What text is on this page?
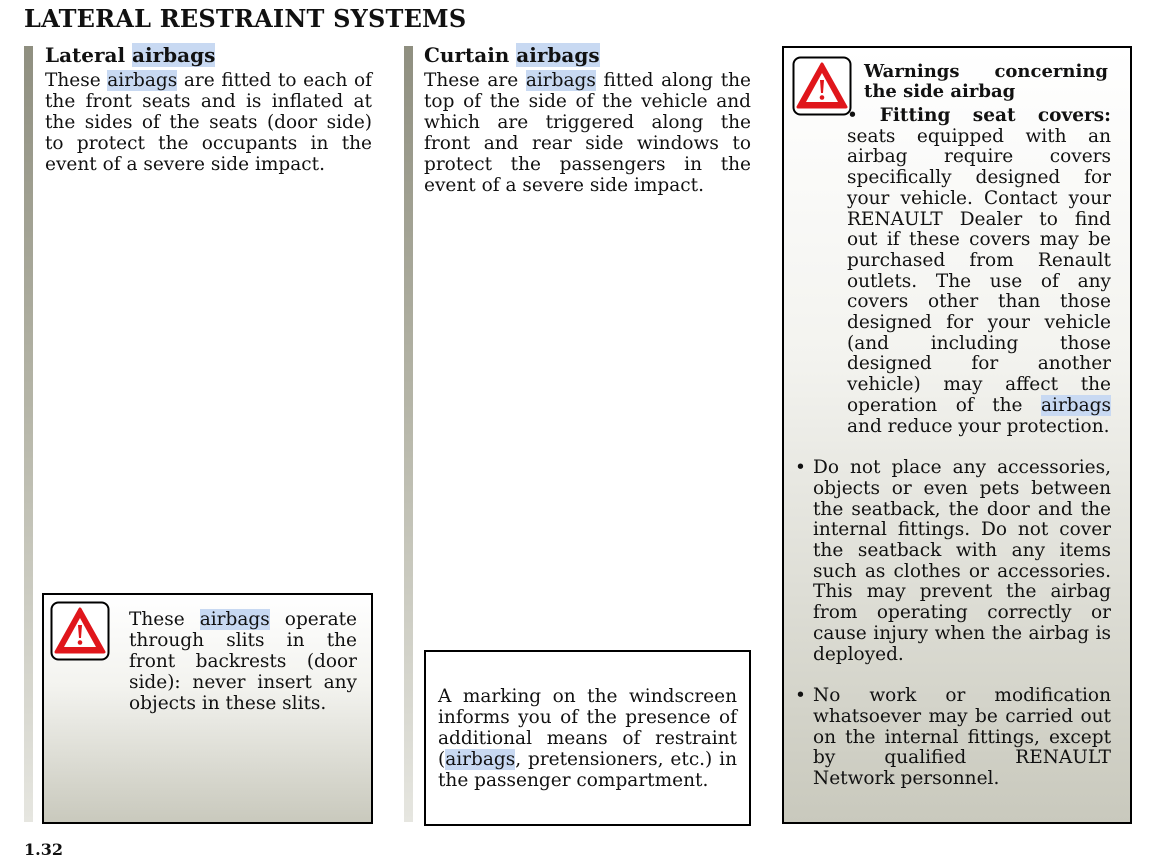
LATERAL RESTRAINT SYSTEMS
Lateral airbags

These airbags are fitted to each of the front seats and is inflated at the sides of the seats (door side) to protect the occupants in the event of a severe side impact.

These airbags operate through slits in the front backrests (door side): never insert any objects in these slits.
Curtain airbags

These are airbags fitted along the top of the side of the vehicle and which are triggered along the front and rear side windows to protect the passengers in the event of a severe side impact.

A marking on the windscreen informs you of the presence of additional means of restraint (airbags, pretensioners, etc.) in the passenger compartment.

Warnings concerning the side airbag
• Fitting seat covers: seats equipped with an airbag require covers specifically designed for your vehicle. Contact your RENAULT Dealer to find out if these covers may be purchased from Renault outlets. The use of any covers other than those designed for your vehicle (and including those designed for another vehicle) may affect the operation of the airbags and reduce your protection.
• Do not place any accessories, objects or even pets between the seatback, the door and the internal fittings. Do not cover the seatback with any items such as clothes or accessories. This may prevent the airbag from operating correctly or cause injury when the airbag is deployed.
• No work or modification whatsoever may be carried out on the internal fittings, except by qualified RENAULT Network personnel.
1.32
